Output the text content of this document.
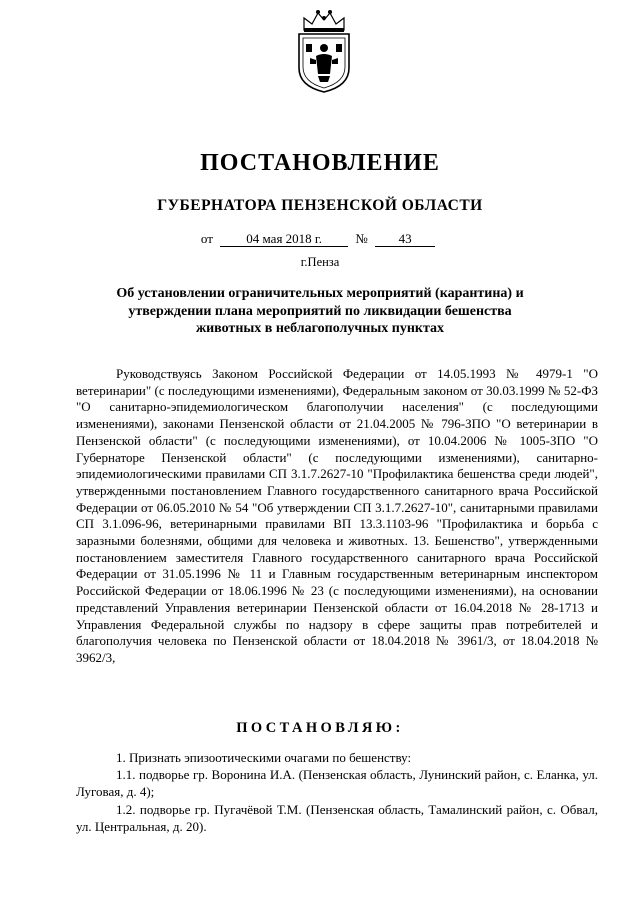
ПОСТАНОВЛЕНИЕ
ГУБЕРНАТОРА ПЕНЗЕНСКОЙ ОБЛАСТИ
от	04 мая 2018 г.	№ 43
г.Пенза
Об установлении ограничительных мероприятий (карантина) и утверждении плана мероприятий по ликвидации бешенства животных в неблагополучных пунктах

Руководствуясь Законом Российской Федерации от 14.05.1993 № 4979-1 "О ветеринарии" (с последующими изменениями), Федеральным законом от 30.03.1999 № 52-ФЗ "О санитарно-эпидемиологическом благополучии населения" (с последующими изменениями), законами Пензенской области от 21.04.2005 № 796-ЗПО "О ветеринарии в Пензенской области" (с последующими изменениями), от 10.04.2006 № 1005-ЗПО "О Губернаторе Пензенской области" (с последующими изменениями), санитарно-эпидемиологическими правилами СП 3.1.7.2627-10 "Профилактика бешенства среди людей", утвержденными постановлением Главного государственного санитарного врача Российской Федерации от 06.05.2010 № 54 "Об утверждении СП 3.1.7.2627-10", санитарными правилами СП 3.1.096-96, ветеринарными правилами ВП 13.3.1103-96 "Профилактика и борьба с заразными болезнями, общими для человека и животных. 13. Бешенство", утвержденными постановлением заместителя Главного государственного санитарного врача Российской Федерации от 31.05.1996 № 11 и Главным государственным ветеринарным инспектором Российской Федерации от 18.06.1996 № 23 (с последующими изменениями), на основании представлений Управления ветеринарии Пензенской области от 16.04.2018 № 28-1713 и Управления Федеральной службы по надзору в сфере защиты прав потребителей и благополучия человека по Пензенской области от 18.04.2018 № 3961/3, от 18.04.2018 № 3962/3,

ПОСТАНОВЛЯЮ:

1. Признать эпизоотическими очагами по бешенству:

1.1. подворье гр. Воронина И.А. (Пензенская область, Лунинский район, с. Еланка, ул. Луговая, д. 4);

1.2. подворье гр. Пугачёвой Т.М. (Пензенская область, Тамалинский район, с. Обвал, ул. Центральная, д. 20).
